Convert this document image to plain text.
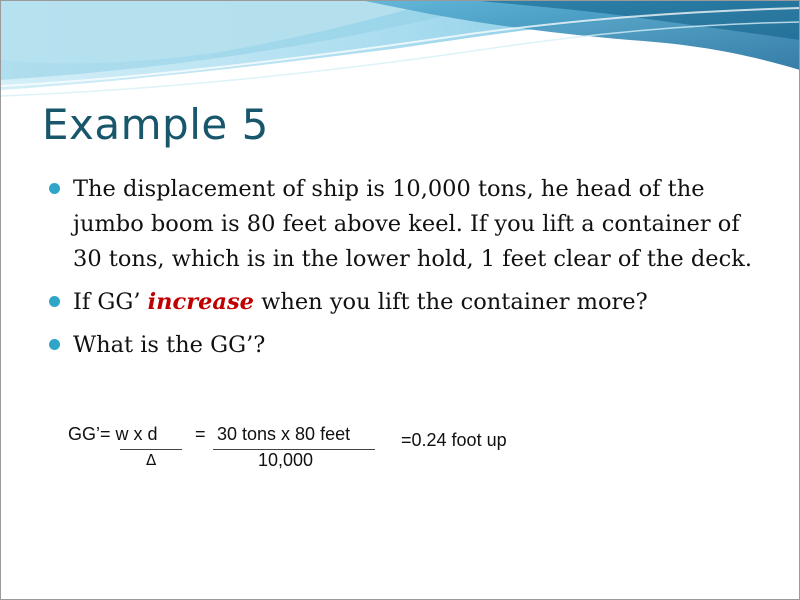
Example 5
The displacement of ship is 10,000 tons, he head of the jumbo boom is 80 feet above keel. If you lift a container of 30 tons, which is in the lower hold, 1 feet clear of the deck.
If GG’ increase when you lift the container more?
What is the GG’?
GG’= w x d
Δ
= 30 tons x 80 feet
10,000
=0.24 foot up
